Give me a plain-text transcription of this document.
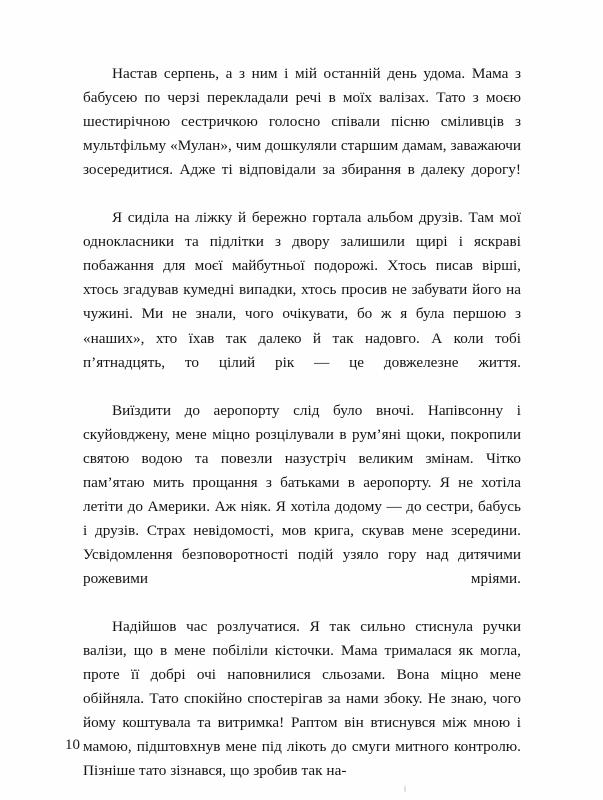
Настав серпень, а з ним і мій останній день удома. Мама з бабусею по черзі перекладали речі в моїх валізах. Тато з моєю шестирічною сестричкою голосно співали пісню сміливців з мультфільму «Мулан», чим дошкуляли старшим дамам, заважаючи зосередитися. Адже ті відповідали за збирання в далеку дорогу!

Я сиділа на ліжку й бережно гортала альбом друзів. Там мої однокласники та підлітки з двору залишили щирі і яскраві побажання для моєї майбутньої подорожі. Хтось писав вірші, хтось згадував кумедні випадки, хтось просив не забувати його на чужині. Ми не знали, чого очікувати, бо ж я була першою з «наших», хто їхав так далеко й так надовго. А коли тобі п’ятнадцять, то цілий рік — це довжелезне життя.

Виїздити до аеропорту слід було вночі. Напівсонну і скуйовджену, мене міцно розцілували в рум’яні щоки, покропили святою водою та повезли назустріч великим змінам. Чітко пам’ятаю мить прощання з батьками в аеропорту. Я не хотіла летіти до Америки. Аж ніяк. Я хотіла додому — до сестри, бабусь і друзів. Страх невідомості, мов крига, скував мене зсередини. Усвідомлення безповоротності подій узяло гору над дитячими рожевими мріями.

Надійшов час розлучатися. Я так сильно стиснула ручки валізи, що в мене побіліли кісточки. Мама трималася як могла, проте її добрі очі наповнилися сльозами. Вона міцно мене обійняла. Тато спокійно спостерігав за нами збоку. Не знаю, чого йому коштувала та витримка! Раптом він втиснувся між мною і мамою, підштовхнув мене під лікоть до смуги митного контролю. Пізніше тато зізнався, що зробив так на-

10
